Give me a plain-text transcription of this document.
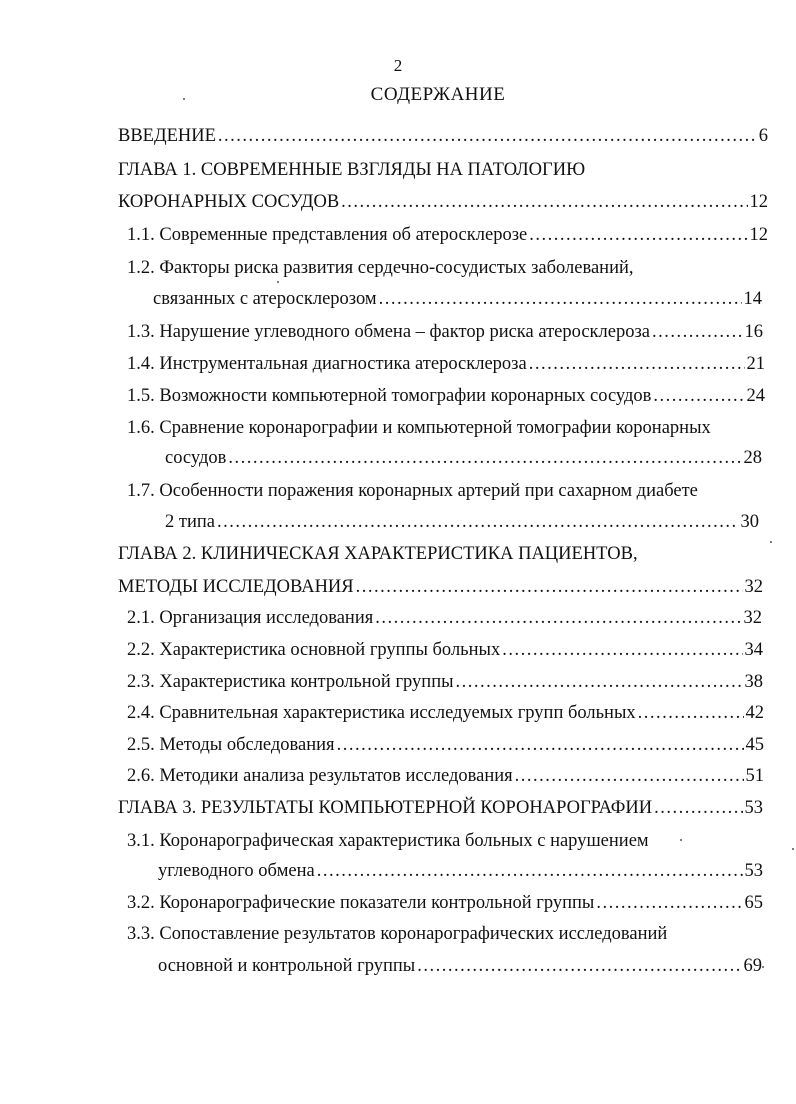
2
СОДЕРЖАНИЕ
ВВЕДЕНИЕ .....	6
ГЛАВА 1. СОВРЕМЕННЫЕ ВЗГЛЯДЫ НА ПАТОЛОГИЮ
КОРОНАРНЫХ СОСУДОВ .....	12
1.1. Современные представления об атеросклерозе .....	12
1.2. Факторы риска развития сердечно-сосудистых заболеваний,
связанных с атеросклерозом .....	14
1.3. Нарушение углеводного обмена – фактор риска атеросклероза .....	16
1.4. Инструментальная диагностика атеросклероза .....	21
1.5. Возможности компьютерной томографии коронарных сосудов .....	24
1.6. Сравнение коронарографии и компьютерной томографии коронарных
сосудов .....	28
1.7. Особенности поражения коронарных артерий при сахарном диабете
2 типа .....	30
ГЛАВА 2. КЛИНИЧЕСКАЯ ХАРАКТЕРИСТИКА ПАЦИЕНТОВ,
МЕТОДЫ ИССЛЕДОВАНИЯ .....	32
2.1. Организация исследования .....	32
2.2. Характеристика основной группы больных .....	34
2.3. Характеристика контрольной группы .....	38
2.4. Сравнительная характеристика исследуемых групп больных .....	42
2.5. Методы обследования .....	45
2.6. Методики анализа результатов исследования .....	51
ГЛАВА 3. РЕЗУЛЬТАТЫ КОМПЬЮТЕРНОЙ КОРОНАРОГРАФИИ .....	53
3.1. Коронарографическая характеристика больных с нарушением
углеводного обмена .....	53
3.2. Коронарографические показатели контрольной группы .....	65
3.3. Сопоставление результатов коронарографических исследований
основной и контрольной группы .....	69
